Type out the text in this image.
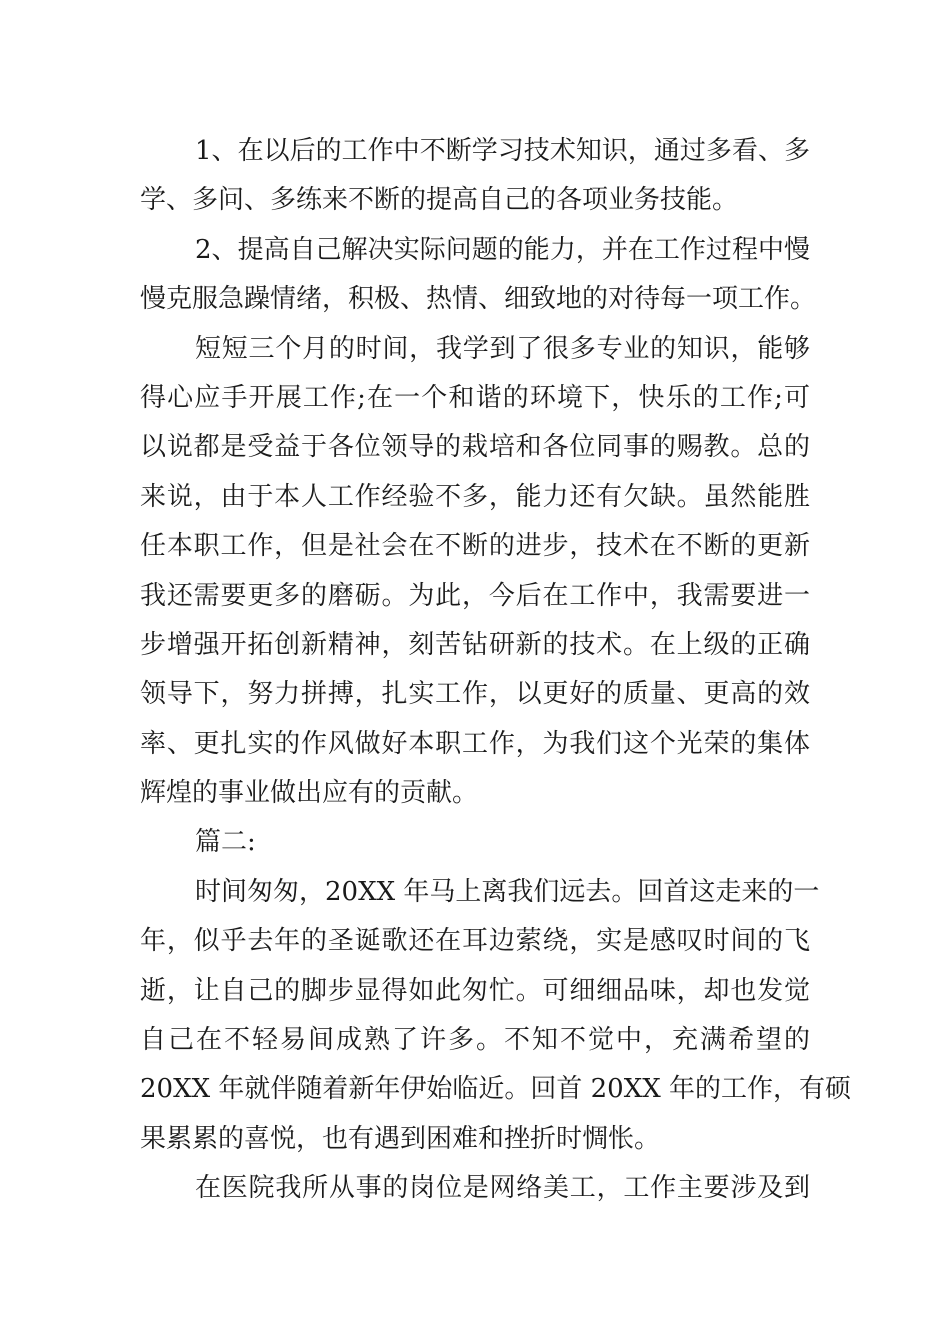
1、在以后的工作中不断学习技术知识，通过多看、多
学、多问、多练来不断的提高自己的各项业务技能。
2、提高自己解决实际问题的能力，并在工作过程中慢
慢克服急躁情绪，积极、热情、细致地的对待每一项工作。
短短三个月的时间，我学到了很多专业的知识，能够
得心应手开展工作;在一个和谐的环境下，快乐的工作;可
以说都是受益于各位领导的栽培和各位同事的赐教。总的
来说，由于本人工作经验不多，能力还有欠缺。虽然能胜
任本职工作，但是社会在不断的进步，技术在不断的更新
我还需要更多的磨砺。为此，今后在工作中，我需要进一
步增强开拓创新精神，刻苦钻研新的技术。在上级的正确
领导下，努力拼搏，扎实工作，以更好的质量、更高的效
率、更扎实的作风做好本职工作，为我们这个光荣的集体
辉煌的事业做出应有的贡献。
篇二:
时间匆匆，20XX 年马上离我们远去。回首这走来的一
年，似乎去年的圣诞歌还在耳边萦绕，实是感叹时间的飞
逝，让自己的脚步显得如此匆忙。可细细品味，却也发觉
自己在不轻易间成熟了许多。不知不觉中，充满希望的
20XX 年就伴随着新年伊始临近。回首 20XX 年的工作，有硕
果累累的喜悦，也有遇到困难和挫折时惆怅。
在医院我所从事的岗位是网络美工，工作主要涉及到
